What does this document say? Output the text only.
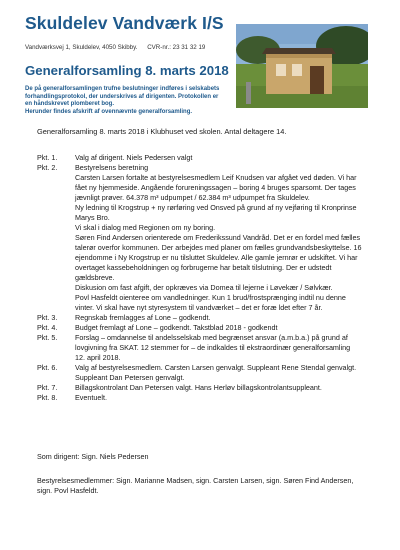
Skuldelev Vandværk I/S
Vandværksvej 1, Skuldelev, 4050 Skibby. CVR-nr.: 23 31 32 19
Generalforsamling 8. marts 2018
De på generalforsamlingen trufne beslutninger indføres i selskabets
forhandlingsprotokol, der underskrives af dirigenten. Protokollen er
en håndskrevet plomberet bog.
Herunder findes afskrift af ovennævnte generalforsamling.
Generalforsamling 8. marts 2018 i Klubhuset ved skolen. Antal deltagere 14.
Pkt. 1.	Valg af dirigent. Niels Pedersen valgt
Pkt. 2.	Bestyrelsens beretning
Carsten Larsen fortalte at bestyrelsesmedlem Leif Knudsen var afgået ved døden. Vi har
fået ny hjemmeside. Angående forureningssagen – boring 4 bruges sparsomt. Der tages
jævnligt prøver. 64.378 m³ udpumpet / 62.384 m³ udpumpet fra Skuldelev.
Ny ledning til Krogstrup + ny rørføring ved Onsved på grund af ny vejføring til Kronprinse
Marys Bro.
Vi skal i dialog med Regionen om ny boring.
Søren Find Andersen orienterede om Frederikssund Vandråd. Det er en fordel med fælles
talerør overfor kommunen. Der arbejdes med planer om fælles grundvandsbeskyttelse. 16
ejendomme i Ny Krogstrup er nu tilsluttet Skuldelev. Alle gamle jernrør er udskiftet. Vi har
overtaget kassebeholdningen og forbrugerne har betalt tilslutning. Der er udstedt
gældsbreve.
Diskusion om fast afgift, der opkræves via Domea til lejerne i Løvekær / Sølvkær.
Povl Hasfeldt oienteree om vandledninger. Kun 1 brud/frostsprænging indtil nu denne
vinter. Vi skal have nyt styresystem til vandværket – det er foræ ldet efter 7 år.
Pkt. 3.	Regnskab fremlagges af Lone – godkendt.
Pkt. 4.	Budget fremlagt af Lone – godkendt. Takstblad 2018 - godkendt
Pkt. 5.	Forslag – omdannelse til andelsselskab med begrænset ansvar (a.m.b.a.) på grund af
lovgivning fra SKAT. 12 stemmer for – de indkaldes til ekstraordinær generalforsamling
12. april 2018.
Pkt. 6.	Valg af bestyrelsesmedlem. Carsten Larsen genvalgt. Suppleant Rene Stendal genvalgt.
Suppleant Dan Petersen genvalgt.
Pkt. 7.	Billagskontrolant Dan Petersen valgt. Hans Herløv billagskontrolantsuppleant.
Pkt. 8.	Eventuelt.
Som dirigent: Sign. Niels Pedersen
Bestyrelsesmedlemmer: Sign. Marianne Madsen, sign. Carsten Larsen, sign. Søren Find Andersen,
sign. Povl Hasfeldt.
